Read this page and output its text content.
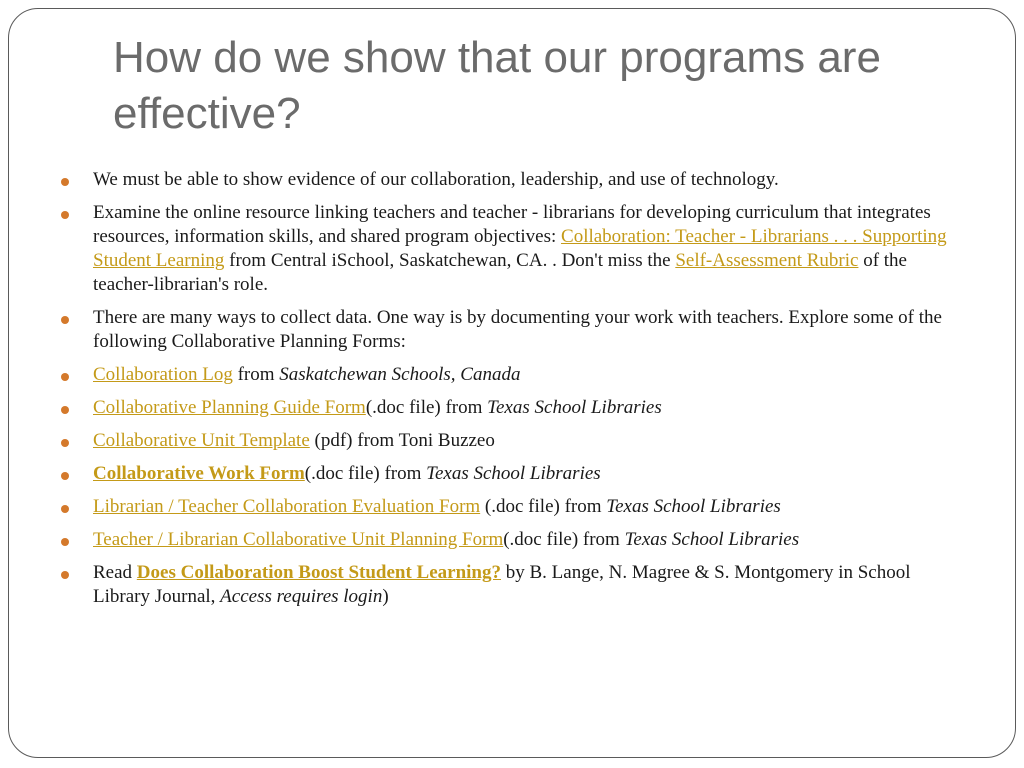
How do we show that our programs are effective?
We must be able to show evidence of our collaboration, leadership, and use of technology.
Examine the online resource linking teachers and teacher - librarians for developing curriculum that integrates resources, information skills, and shared program objectives: Collaboration: Teacher - Librarians . . . Supporting Student Learning from Central iSchool, Saskatchewan, CA. . Don't miss the Self-Assessment Rubric of the teacher-librarian's role.
There are many ways to collect data. One way is by documenting your work with teachers. Explore some of the following Collaborative Planning Forms:
Collaboration Log from Saskatchewan Schools, Canada
Collaborative Planning Guide Form(.doc file) from Texas School Libraries
Collaborative Unit Template (pdf) from Toni Buzzeo
Collaborative Work Form(.doc file) from Texas School Libraries
Librarian / Teacher Collaboration Evaluation Form (.doc file) from Texas School Libraries
Teacher / Librarian Collaborative Unit Planning Form(.doc file) from Texas School Libraries
Read Does Collaboration Boost Student Learning? by B. Lange, N. Magree & S. Montgomery in School Library Journal, Access requires login)
